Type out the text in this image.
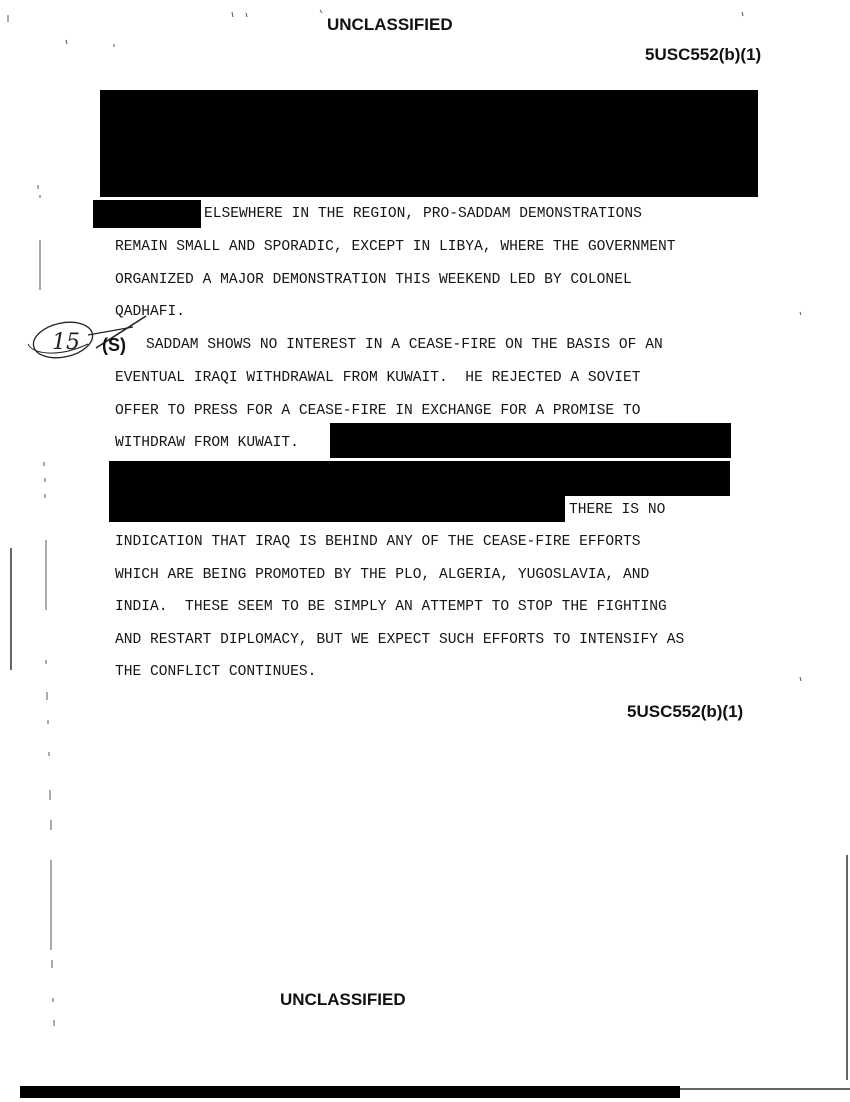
UNCLASSIFIED
5USC552(b)(1)
ELSEWHERE IN THE REGION, PRO-SADDAM DEMONSTRATIONS
REMAIN SMALL AND SPORADIC, EXCEPT IN LIBYA, WHERE THE GOVERNMENT
ORGANIZED A MAJOR DEMONSTRATION THIS WEEKEND LED BY COLONEL
QADHAFI.
15 (S) SADDAM SHOWS NO INTEREST IN A CEASE-FIRE ON THE BASIS OF AN
EVENTUAL IRAQI WITHDRAWAL FROM KUWAIT.  HE REJECTED A SOVIET
OFFER TO PRESS FOR A CEASE-FIRE IN EXCHANGE FOR A PROMISE TO
WITHDRAW FROM KUWAIT.
THERE IS NO
INDICATION THAT IRAQ IS BEHIND ANY OF THE CEASE-FIRE EFFORTS
WHICH ARE BEING PROMOTED BY THE PLO, ALGERIA, YUGOSLAVIA, AND
INDIA.  THESE SEEM TO BE SIMPLY AN ATTEMPT TO STOP THE FIGHTING
AND RESTART DIPLOMACY, BUT WE EXPECT SUCH EFFORTS TO INTENSIFY AS
THE CONFLICT CONTINUES.
5USC552(b)(1)
UNCLASSIFIED
